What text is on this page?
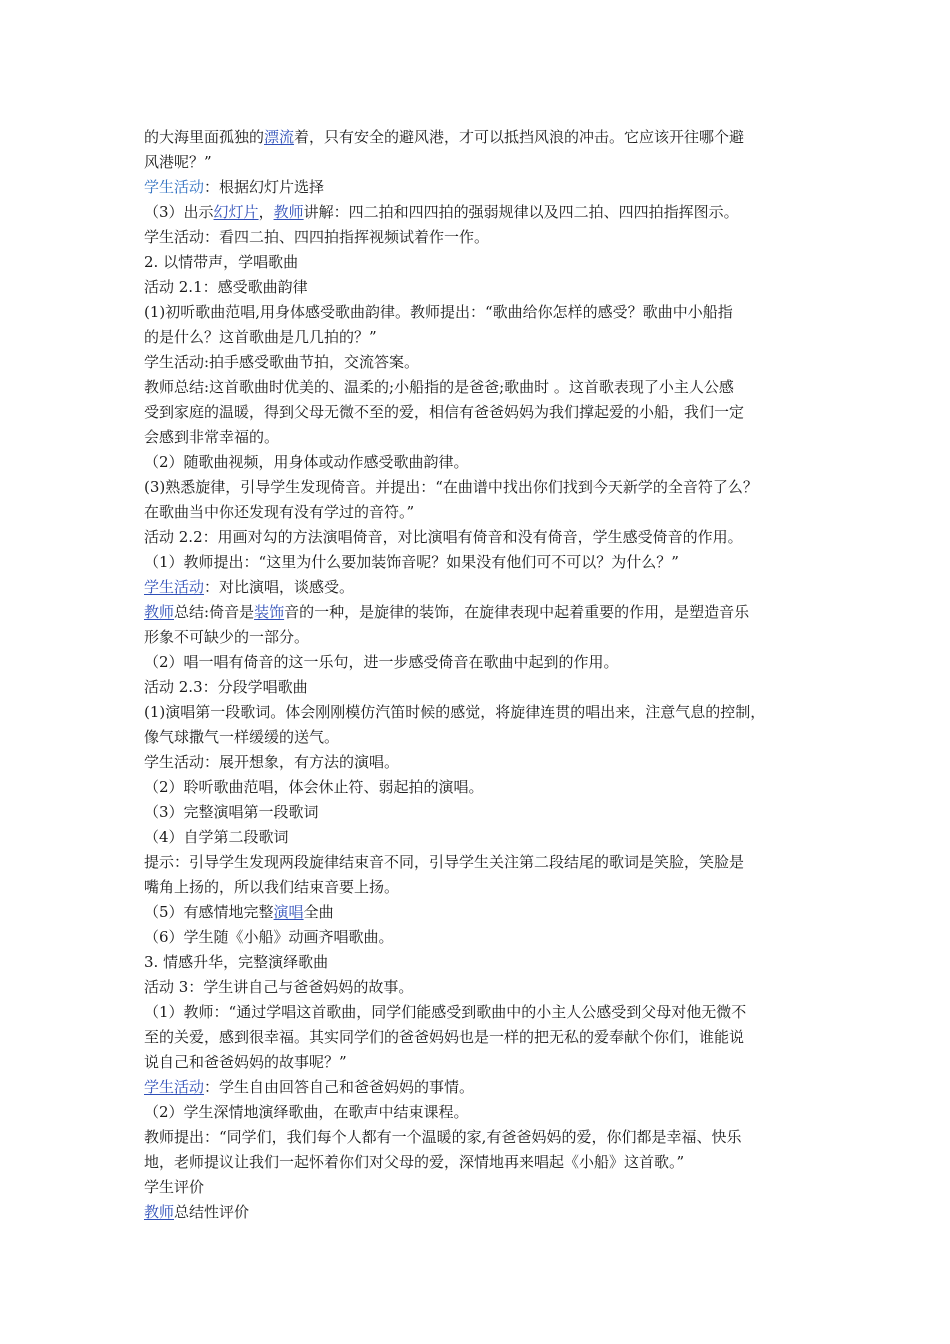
的大海里面孤独的漂流着，只有安全的避风港，才可以抵挡风浪的冲击。它应该开往哪个避
风港呢？”
学生活动：根据幻灯片选择
（3）出示幻灯片，教师讲解：四二拍和四四拍的强弱规律以及四二拍、四四拍指挥图示。
学生活动：看四二拍、四四拍指挥视频试着作一作。
2. 以情带声，学唱歌曲
活动 2.1：感受歌曲韵律
(1)初听歌曲范唱,用身体感受歌曲韵律。教师提出：“歌曲给你怎样的感受？歌曲中小船指
的是什么？这首歌曲是几几拍的？”
学生活动:拍手感受歌曲节拍，交流答案。
教师总结:这首歌曲时优美的、温柔的;小船指的是爸爸;歌曲时 。这首歌表现了小主人公感
受到家庭的温暖，得到父母无微不至的爱，相信有爸爸妈妈为我们撑起爱的小船，我们一定
会感到非常幸福的。
（2）随歌曲视频，用身体或动作感受歌曲韵律。
(3)熟悉旋律，引导学生发现倚音。并提出：“在曲谱中找出你们找到今天新学的全音符了么？
在歌曲当中你还发现有没有学过的音符。”
活动 2.2：用画对勾的方法演唱倚音，对比演唱有倚音和没有倚音，学生感受倚音的作用。
（1）教师提出：“这里为什么要加装饰音呢？如果没有他们可不可以？为什么？”
学生活动：对比演唱，谈感受。
教师总结:倚音是装饰音的一种，是旋律的装饰，在旋律表现中起着重要的作用，是塑造音乐
形象不可缺少的一部分。
（2）唱一唱有倚音的这一乐句，进一步感受倚音在歌曲中起到的作用。
活动 2.3：分段学唱歌曲
(1)演唱第一段歌词。体会刚刚模仿汽笛时候的感觉，将旋律连贯的唱出来，注意气息的控制，
像气球撒气一样缓缓的送气。
学生活动：展开想象，有方法的演唱。
（2）聆听歌曲范唱，体会休止符、弱起拍的演唱。
（3）完整演唱第一段歌词
（4）自学第二段歌词
提示：引导学生发现两段旋律结束音不同，引导学生关注第二段结尾的歌词是笑脸，笑脸是
嘴角上扬的，所以我们结束音要上扬。
（5）有感情地完整演唱全曲
（6）学生随《小船》动画齐唱歌曲。
3. 情感升华，完整演绎歌曲
活动 3：学生讲自己与爸爸妈妈的故事。
（1）教师：“通过学唱这首歌曲，同学们能感受到歌曲中的小主人公感受到父母对他无微不
至的关爱，感到很幸福。其实同学们的爸爸妈妈也是一样的把无私的爱奉献个你们，谁能说
说自己和爸爸妈妈的故事呢？”
学生活动：学生自由回答自己和爸爸妈妈的事情。
（2）学生深情地演绎歌曲，在歌声中结束课程。
教师提出：“同学们，我们每个人都有一个温暖的家,有爸爸妈妈的爱，你们都是幸福、快乐
地，老师提议让我们一起怀着你们对父母的爱，深情地再来唱起《小船》这首歌。”
学生评价
教师总结性评价
